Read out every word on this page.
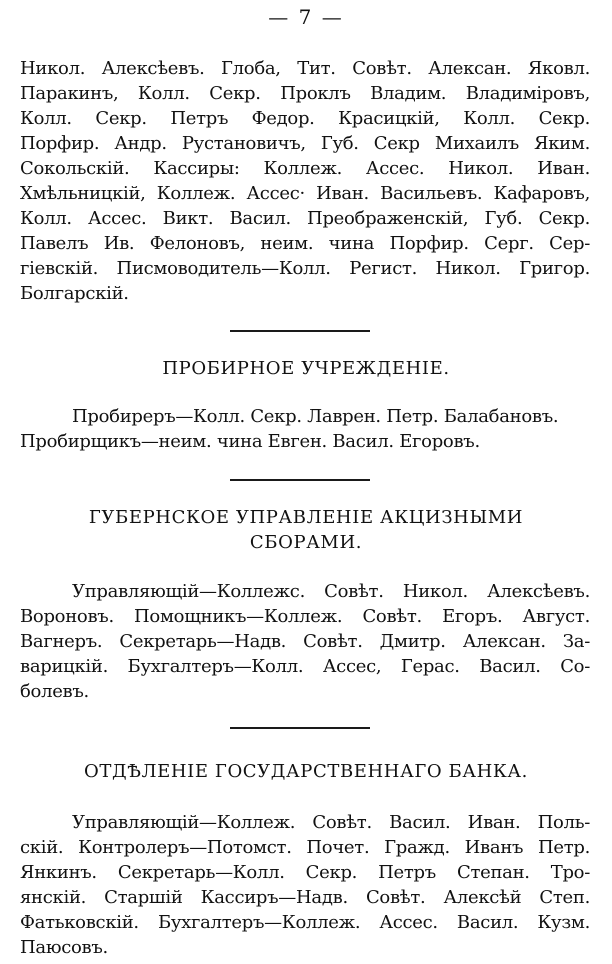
— 7 —
Никол. Алексѣевъ. Глоба, Тит. Совѣт. Алексан. Яковл.
Паракинъ, Колл. Секр. Проклъ Владим. Владиміровъ,
Колл. Секр. Петръ Федор. Красицкій, Колл. Секр.
Порфир. Андр. Рустановичъ, Губ. Секр Михаилъ Яким.
Сокольскій. Кассиры: Коллеж. Ассес. Никол. Иван.
Хмѣльницкій, Коллеж. Ассес· Иван. Васильевъ. Кафаровъ,
Колл. Ассес. Викт. Васил. Преображенскій, Губ. Секр.
Павелъ Ив. Фелоновъ, неим. чина Порфир. Серг. Сер-
гіевскій. Писмоводитель—Колл. Регист. Никол. Григор.
Болгарскій.
ПРОБИРНОЕ УЧРЕЖДЕНІЕ.
Пробиреръ—Колл. Секр. Лаврен. Петр. Балабановъ.
Пробирщикъ—неим. чина Евген. Васил. Егоровъ.
ГУБЕРНСКОЕ УПРАВЛЕНІЕ АКЦИЗНЫМИ
СБОРАМИ.
Управляющій—Коллежс. Совѣт. Никол. Алексѣевъ.
Вороновъ. Помощникъ—Коллеж. Совѣт. Егоръ. Август.
Вагнеръ. Секретарь—Надв. Совѣт. Дмитр. Алексан. За-
варицкій. Бухгалтеръ—Колл. Ассес, Герас. Васил. Со-
болевъ.
ОТДѢЛЕНІЕ ГОСУДАРСТВЕННАГО БАНКА.
Управляющій—Коллеж. Совѣт. Васил. Иван. Поль-
скій. Контролеръ—Потомст. Почет. Гражд. Иванъ Петр.
Янкинъ. Секретарь—Колл. Секр. Петръ Степан. Тро-
янскій. Старшій Кассиръ—Надв. Совѣт. Алексѣй Степ.
Фатьковскій. Бухгалтеръ—Коллеж. Ассес. Васил. Кузм.
Паюсовъ.
